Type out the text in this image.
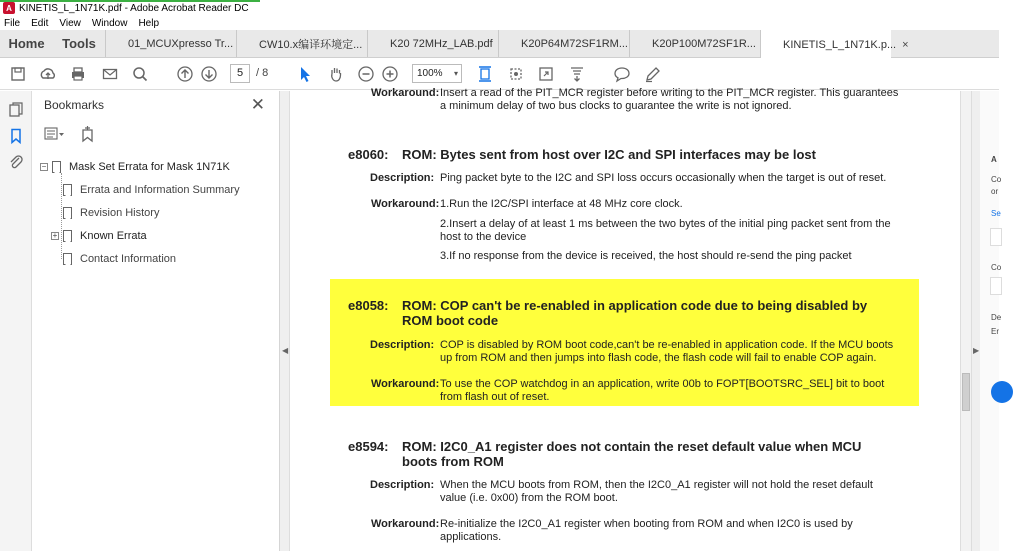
A KINETIS_L_1N71K.pdf - Adobe Acrobat Reader DC
File Edit View Window Help
Home	Tools	01_MCUXpresso Tr... CW10.x编译环境定...	K20 72MHz_LAB.pdf	K20P64M72SF1RM... K20P100M72SF1R... KINETIS_L_1N71K.p... ×
5	/ 8	100% ▾
Bookmarks	✕
− Mask Set Errata for Mask 1N71K
Errata and Information Summary
Revision History
+ Known Errata
Contact Information
◀
Workaround: Insert a read of the PIT_MCR register before writing to the PIT_MCR register. This guarantees
a minimum delay of two bus clocks to guarantee the write is not ignored.
e8060: ROM: Bytes sent from host over I2C and SPI interfaces may be lost
Description: Ping packet byte to the I2C and SPI loss occurs occasionally when the target is out of reset.
Workaround: 1.Run the I2C/SPI interface at 48 MHz core clock.
2.Insert a delay of at least 1 ms between the two bytes of the initial ping packet sent from the
host to the device
3.If no response from the device is received, the host should re-send the ping packet
e8058: ROM: COP can't be re-enabled in application code due to being disabled by
ROM boot code
Description: COP is disabled by ROM boot code,can't be re-enabled in application code. If the MCU boots
up from ROM and then jumps into flash code, the flash code will fail to enable COP again.
Workaround: To use the COP watchdog in an application, write 00b to FOPT[BOOTSRC_SEL] bit to boot
from flash out of reset.
e8594: ROM: I2C0_A1 register does not contain the reset default value when MCU
boots from ROM
Description: When the MCU boots from ROM, then the I2C0_A1 register will not hold the reset default
value (i.e. 0x00) from the ROM boot.
Workaround: Re-initialize the I2C0_A1 register when booting from ROM and when I2C0 is used by
applications.
▶
A
Co
or
Se
Co
De
Er
